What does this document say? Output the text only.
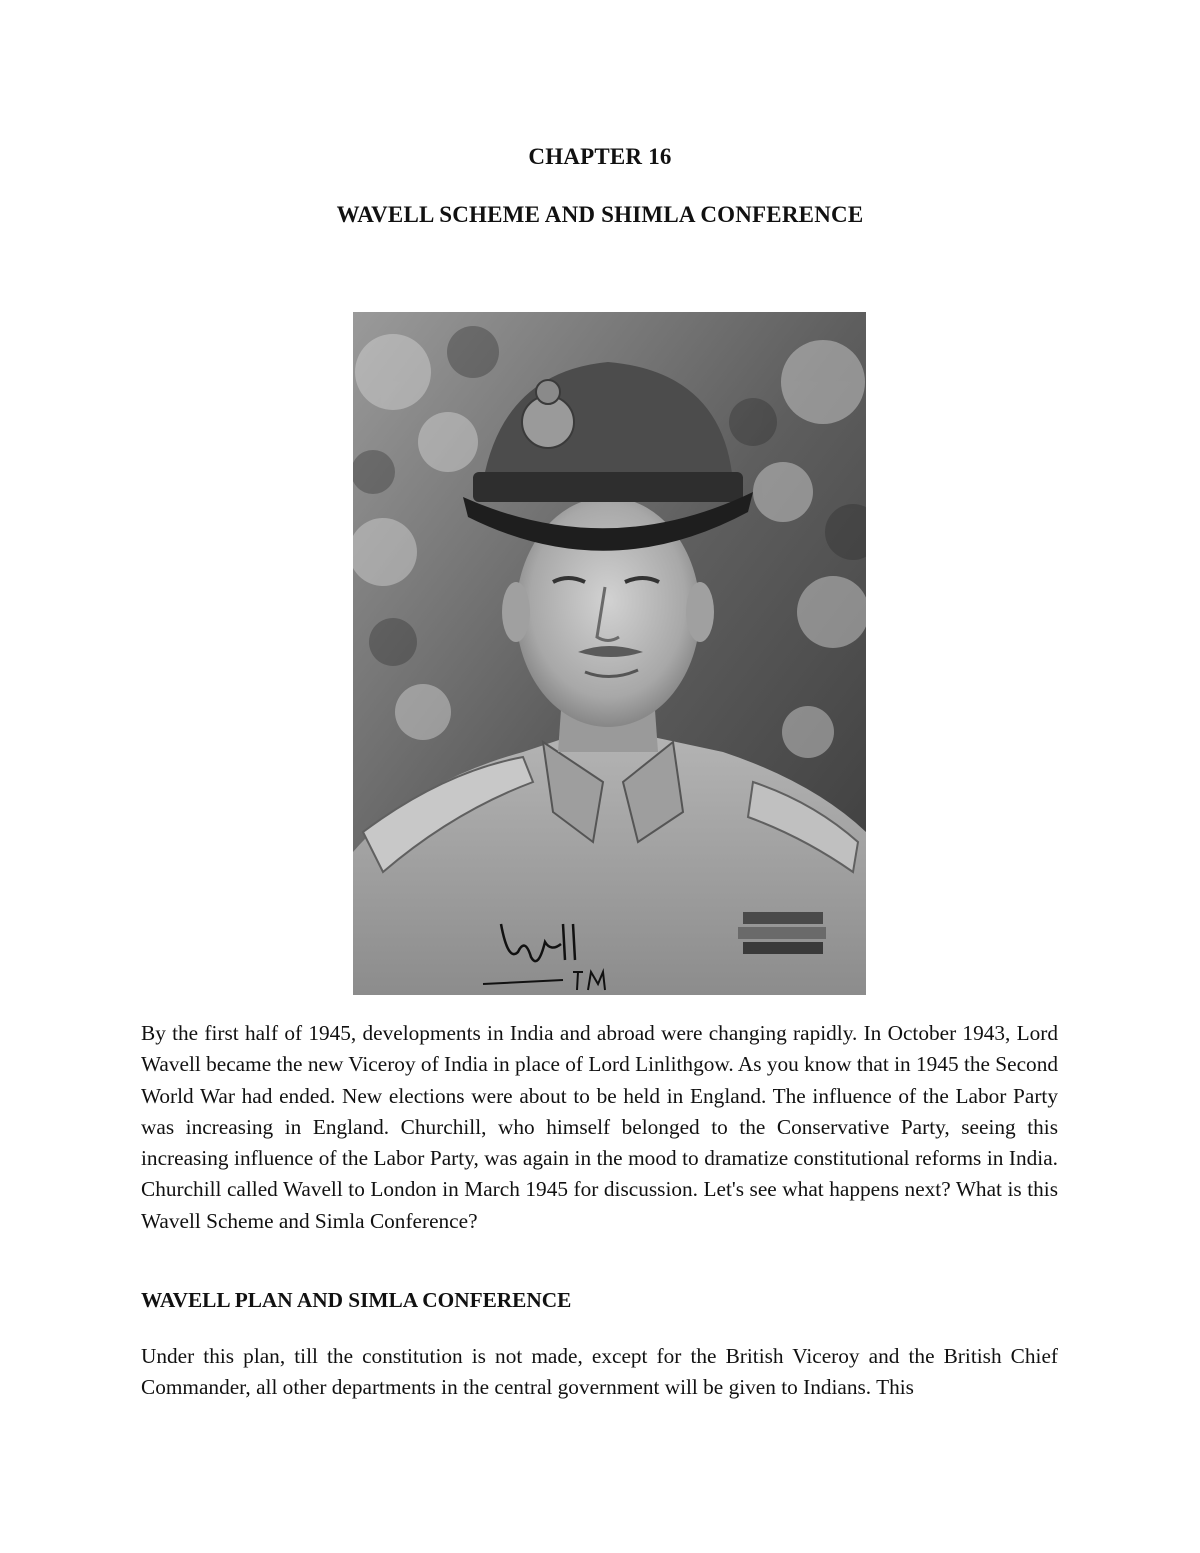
CHAPTER 16
WAVELL SCHEME AND SHIMLA CONFERENCE

By the first half of 1945, developments in India and abroad were changing rapidly. In October 1943, Lord Wavell became the new Viceroy of India in place of Lord Linlithgow. As you know that in 1945 the Second World War had ended. New elections were about to be held in England. The influence of the Labor Party was increasing in England. Churchill, who himself belonged to the Conservative Party, seeing this increasing influence of the Labor Party, was again in the mood to dramatize constitutional reforms in India. Churchill called Wavell to London in March 1945 for discussion. Let's see what happens next? What is this Wavell Scheme and Simla Conference?

WAVELL PLAN AND SIMLA CONFERENCE

Under this plan, till the constitution is not made, except for the British Viceroy and the British Chief Commander, all other departments in the central government will be given to Indians. This
